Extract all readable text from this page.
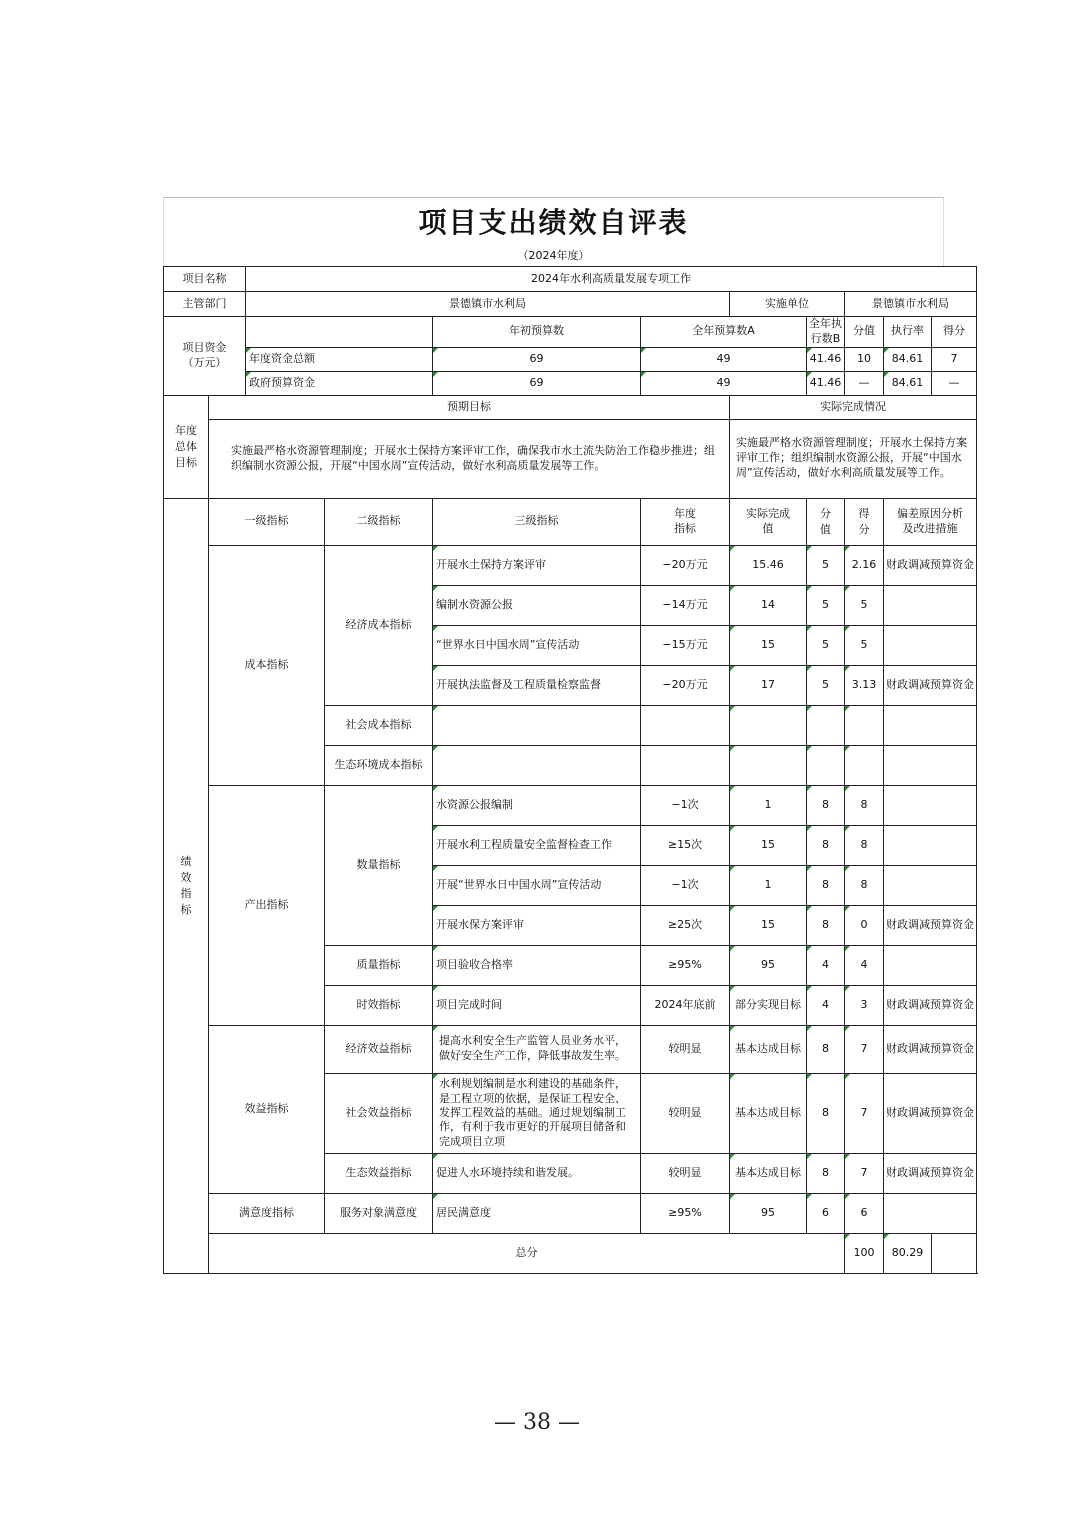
项目支出绩效自评表
（2024年度）
项目名称		2024年水利高质量发展专项工作								
主管部门		景德镇市水利局				实施单位		景德镇市水利局		
项目资金（万元）				年初预算数	全年预算数A		全年执行数B	分值	执行率	得分
		年度资金总额		69	49		41.46	10	84.61	7
		政府预算资金		69	49		41.46	—	84.61	—
年度总体目标	预期目标					实际完成情况				
	实施最严格水资源管理制度；开展水土保持方案评审工作，确保我市水土流失防治工作稳步推进；组织编制水资源公报，开展“中国水周”宣传活动，做好水利高质量发展等工作。					实施最严格水资源管理制度；开展水土保持方案评审工作；组织编制水资源公报，开展“中国水周”宣传活动，做好水利高质量发展等工作。				
绩效指标	一级指标		二级指标	三级指标	年度指标	实际完成值	分值	得分	偏差原因分析及改进措施	
	成本指标		经济成本指标	开展水土保持方案评审	−20万元	15.46	5	2.16	财政调减预算资金	
				编制水资源公报	−14万元	14	5	5		
				“世界水日中国水周”宣传活动	−15万元	15	5	5		
				开展执法监督及工程质量检察监督	−20万元	17	5	3.13	财政调减预算资金	
			社会成本指标							
			生态环境成本指标							
	产出指标		数量指标	水资源公报编制	−1次	1	8	8		
				开展水利工程质量安全监督检查工作	≥15次	15	8	8		
				开展“世界水日中国水周”宣传活动	−1次	1	8	8		
				开展水保方案评审	≥25次	15	8	0	财政调减预算资金	
			质量指标	项目验收合格率	≥95%	95	4	4		
			时效指标	项目完成时间	2024年底前	部分实现目标	4	3	财政调减预算资金	
	效益指标		经济效益指标	提高水利安全生产监管人员业务水平，做好安全生产工作，降低事故发生率。	较明显	基本达成目标	8	7	财政调减预算资金	
			社会效益指标	水利规划编制是水利建设的基础条件，是工程立项的依据，是保证工程安全、发挥工程效益的基础。通过规划编制工作，有利于我市更好的开展项目储备和完成项目立项	较明显	基本达成目标	8	7	财政调减预算资金	
			生态效益指标	促进人水环境持续和谐发展。	较明显	基本达成目标	8	7	财政调减预算资金	
	满意度指标		服务对象满意度	居民满意度	≥95%	95	6	6		
	总分							100	80.29	
— 38 —
